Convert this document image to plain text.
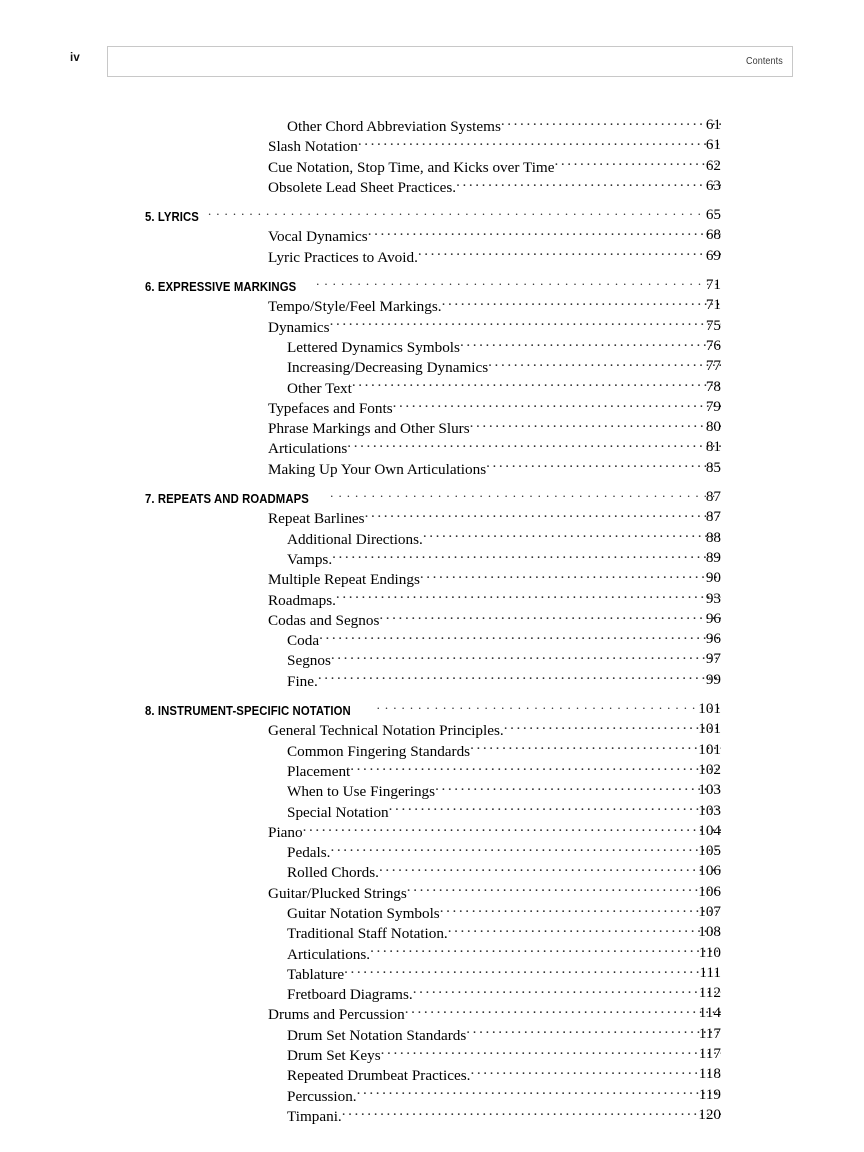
iv	Contents
Other Chord Abbreviation Systems . . .	61
Slash Notation . . .	61
Cue Notation, Stop Time, and Kicks over Time . . .	62
Obsolete Lead Sheet Practices. . . .	63
5. LYRICS . . .	65
Vocal Dynamics . . .	68
Lyric Practices to Avoid. . . .	69
6. EXPRESSIVE MARKINGS . . .	71
Tempo/Style/Feel Markings. . . .	71
Dynamics . . .	75
Lettered Dynamics Symbols . . .	76
Increasing/Decreasing Dynamics . . .	77
Other Text . . .	78
Typefaces and Fonts . . .	79
Phrase Markings and Other Slurs . . .	80
Articulations . . .	81
Making Up Your Own Articulations . . .	85
7. REPEATS AND ROADMAPS . . .	87
Repeat Barlines . . .	87
Additional Directions. . . .	88
Vamps. . . .	89
Multiple Repeat Endings . . .	90
Roadmaps. . . .	93
Codas and Segnos . . .	96
Coda . . .	96
Segnos . . .	97
Fine. . . .	99
8. INSTRUMENT-SPECIFIC NOTATION . . .	101
General Technical Notation Principles. . . .	101
Common Fingering Standards . . .	101
Placement . . .	102
When to Use Fingerings . . .	103
Special Notation . . .	103
Piano . . .	104
Pedals. . . .	105
Rolled Chords. . . .	106
Guitar/Plucked Strings . . .	106
Guitar Notation Symbols . . .	107
Traditional Staff Notation. . . .	108
Articulations. . . .	110
Tablature . . .	111
Fretboard Diagrams. . . .	112
Drums and Percussion . . .	114
Drum Set Notation Standards . . .	117
Drum Set Keys . . .	117
Repeated Drumbeat Practices. . . .	118
Percussion. . . .	119
Timpani. . . .	120
